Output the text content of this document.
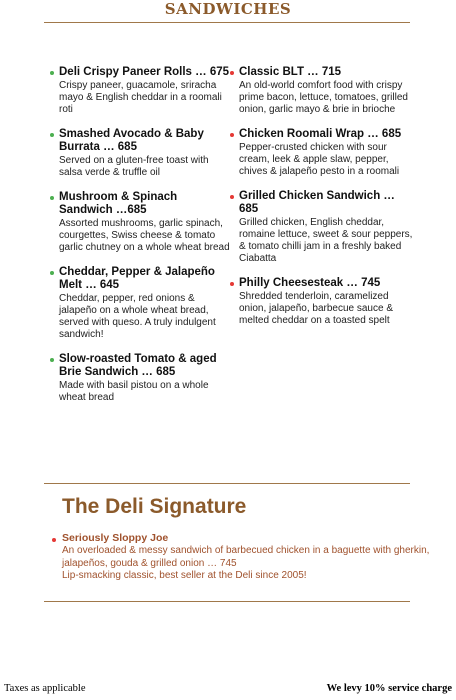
SANDWICHES
Deli Crispy Paneer Rolls … 675
Crispy paneer, guacamole, sriracha mayo & English cheddar in a roomali roti
Smashed Avocado & Baby Burrata … 685
Served on a gluten-free toast with salsa verde & truffle oil
Mushroom & Spinach Sandwich …685
Assorted mushrooms, garlic spinach, courgettes, Swiss cheese & tomato garlic chutney on a whole wheat bread
Cheddar, Pepper & Jalapeño Melt … 645
Cheddar, pepper, red onions & jalapeño on a whole wheat bread, served with queso. A truly indulgent sandwich!
Slow-roasted Tomato & aged Brie Sandwich … 685
Made with basil pistou on a whole wheat bread
Classic BLT … 715
An old-world comfort food with crispy prime bacon, lettuce, tomatoes, grilled onion, garlic mayo & brie in brioche
Chicken Roomali Wrap … 685
Pepper-crusted chicken with sour cream, leek & apple slaw, pepper, chives & jalapeño pesto in a roomali
Grilled Chicken Sandwich … 685
Grilled chicken, English cheddar, romaine lettuce, sweet & sour peppers, & tomato chilli jam in a freshly baked Ciabatta
Philly Cheesesteak … 745
Shredded tenderloin, caramelized onion, jalapeño, barbecue sauce & melted cheddar on a toasted spelt
The Deli Signature
Seriously Sloppy Joe
An overloaded & messy sandwich of barbecued chicken in a baguette with gherkin, jalapeños, gouda & grilled onion … 745
Lip-smacking classic, best seller at the Deli since 2005!
Taxes as applicable	We levy 10% service charge
